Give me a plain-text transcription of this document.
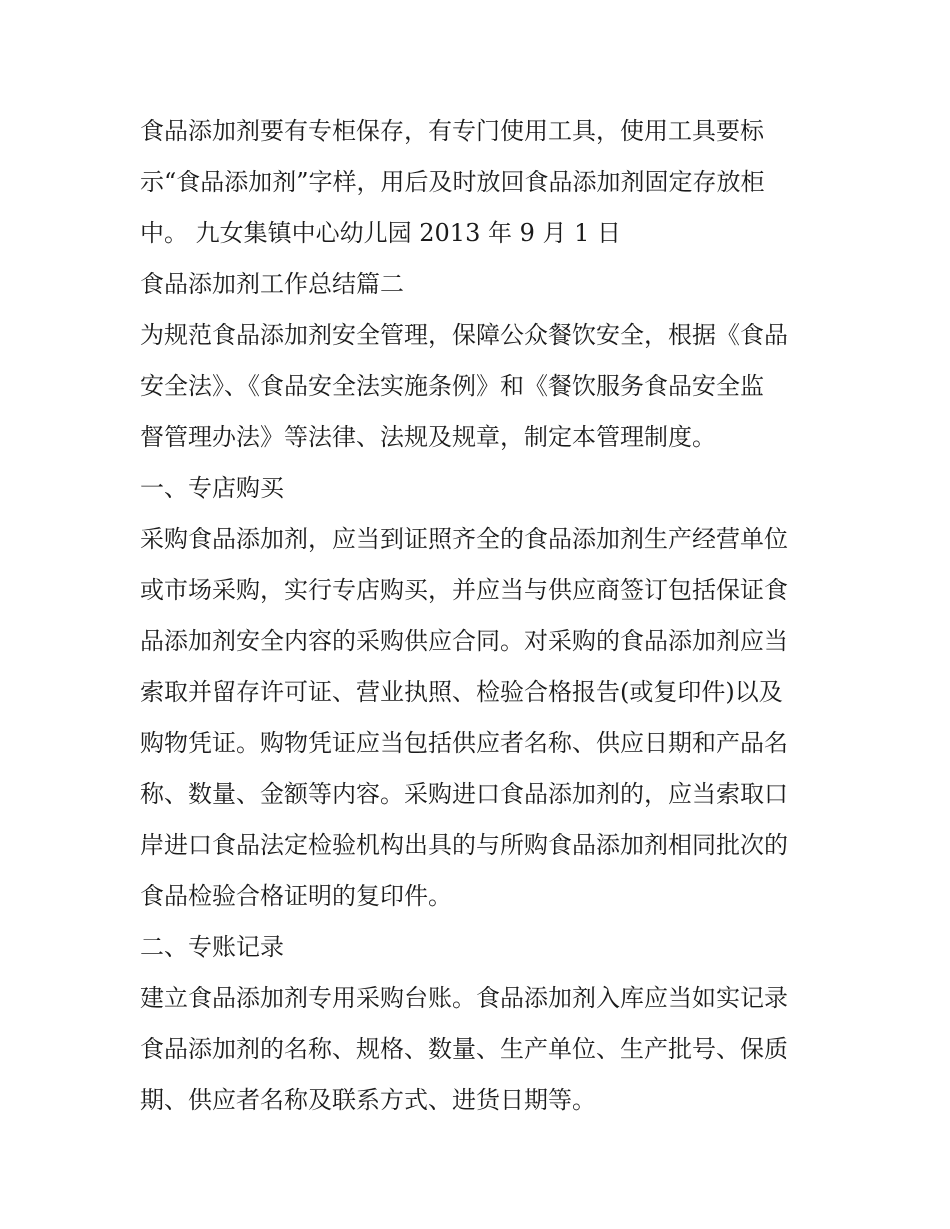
食品添加剂要有专柜保存，有专门使用工具，使用工具要标
示“食品添加剂”字样，用后及时放回食品添加剂固定存放柜
中。 九女集镇中心幼儿园 2013 年 9 月 1 日
食品添加剂工作总结篇二
为规范食品添加剂安全管理，保障公众餐饮安全，根据《食品
安全法》、《食品安全法实施条例》和《餐饮服务食品安全监
督管理办法》等法律、法规及规章，制定本管理制度。
一、专店购买
采购食品添加剂，应当到证照齐全的食品添加剂生产经营单位
或市场采购，实行专店购买，并应当与供应商签订包括保证食
品添加剂安全内容的采购供应合同。对采购的食品添加剂应当
索取并留存许可证、营业执照、检验合格报告(或复印件)以及
购物凭证。购物凭证应当包括供应者名称、供应日期和产品名
称、数量、金额等内容。采购进口食品添加剂的，应当索取口
岸进口食品法定检验机构出具的与所购食品添加剂相同批次的
食品检验合格证明的复印件。
二、专账记录
建立食品添加剂专用采购台账。食品添加剂入库应当如实记录
食品添加剂的名称、规格、数量、生产单位、生产批号、保质
期、供应者名称及联系方式、进货日期等。
